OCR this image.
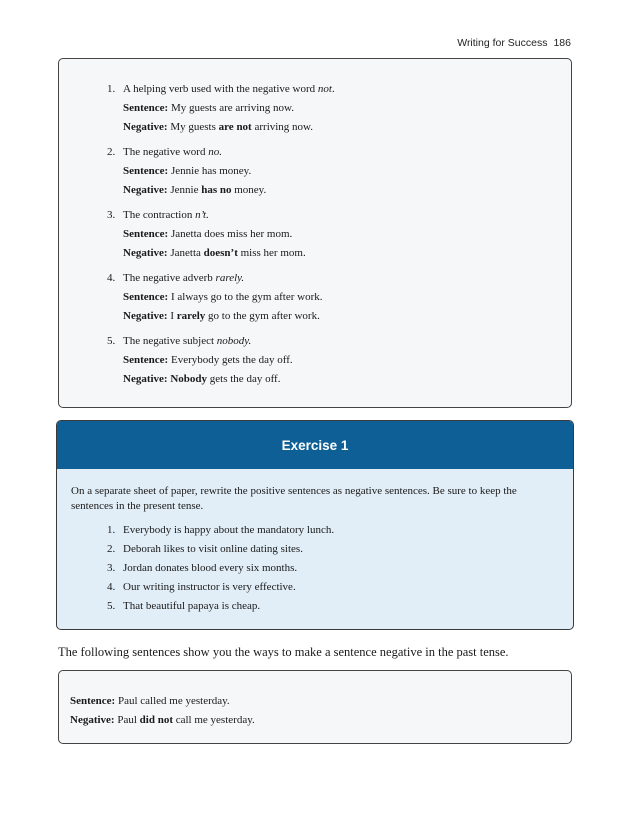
Writing for Success 186
1. A helping verb used with the negative word not.
Sentence: My guests are arriving now.
Negative: My guests are not arriving now.
2. The negative word no.
Sentence: Jennie has money.
Negative: Jennie has no money.
3. The contraction n’t.
Sentence: Janetta does miss her mom.
Negative: Janetta doesn’t miss her mom.
4. The negative adverb rarely.
Sentence: I always go to the gym after work.
Negative: I rarely go to the gym after work.
5. The negative subject nobody.
Sentence: Everybody gets the day off.
Negative: Nobody gets the day off.
Exercise 1

On a separate sheet of paper, rewrite the positive sentences as negative sentences. Be sure to keep the sentences in the present tense.

1. Everybody is happy about the mandatory lunch.
2. Deborah likes to visit online dating sites.
3. Jordan donates blood every six months.
4. Our writing instructor is very effective.
5. That beautiful papaya is cheap.

The following sentences show you the ways to make a sentence negative in the past tense.

Sentence: Paul called me yesterday.
Negative: Paul did not call me yesterday.
